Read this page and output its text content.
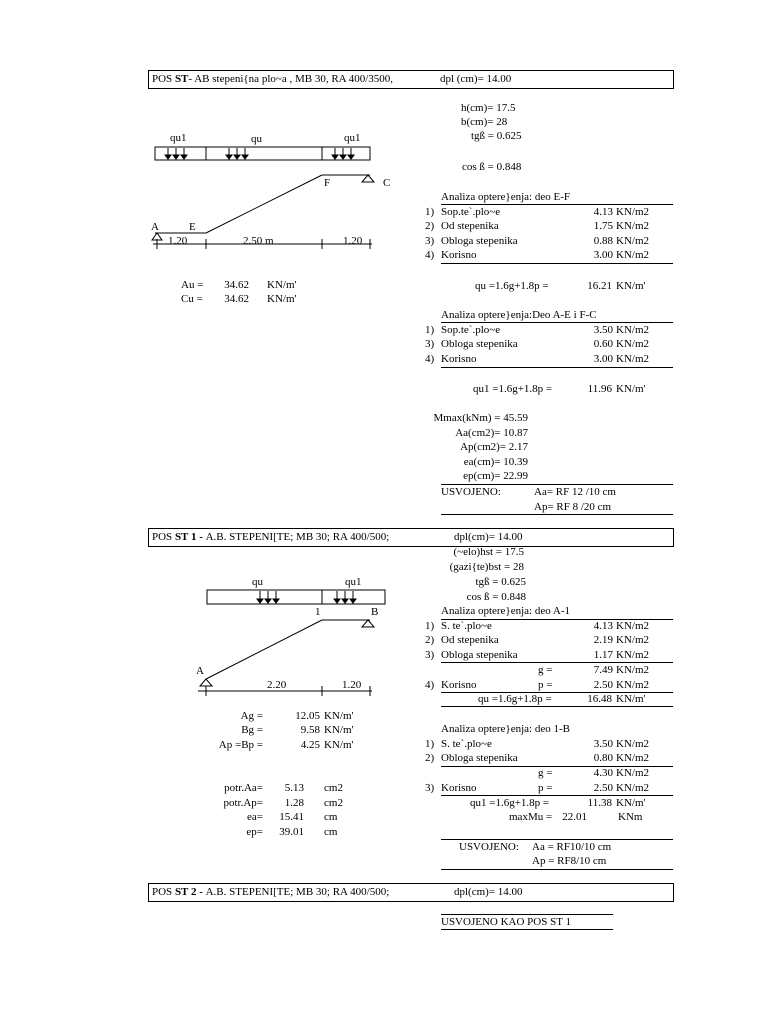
POS ST- AB stepeni{na plo~a , MB 30, RA 400/3500,	dpl (cm)= 14.00
h(cm)= 17.5
b(cm)= 28
tgß = 0.625
cos ß = 0.848
qu1	qu	qu1
F	C
A	E
1.20	2.50 m	1.20
Au =	34.62 KN/m'
Cu =	34.62 KN/m'
Analiza optere}enja: deo E-F
1) Sop.te`.plo~e	4.13 KN/m2
2) Od stepenika	1.75 KN/m2
3) Obloga stepenika	0.88 KN/m2
4) Korisno	3.00 KN/m2
qu =1.6g+1.8p =	16.21 KN/m'
Analiza optere}enja:Deo A-E i F-C
1) Sop.te`.plo~e	3.50 KN/m2
3) Obloga stepenika	0.60 KN/m2
4) Korisno	3.00 KN/m2
qu1 =1.6g+1.8p =	11.96 KN/m'
Mmax(kNm) = 45.59
Aa(cm2)= 10.87
Ap(cm2)= 2.17
ea(cm)= 10.39
ep(cm)= 22.99
USVOJENO:	Aa= RF 12 /10 cm
Ap= RF 8 /20 cm
POS ST 1 - A.B. STEPENI[TE; MB 30; RA 400/500;	dpl(cm)= 14.00
(~elo)hst = 17.5
(gazi{te)bst = 28
tgß = 0.625
cos ß = 0.848
qu	qu1
1	B
A
2.20	1.20
Ag =	12.05 KN/m'
Bg =	9.58 KN/m'
Ap =Bp =	4.25 KN/m'
potr.Aa=	5.13 cm2
potr.Ap=	1.28 cm2
ea=	15.41 cm
ep=	39.01 cm
Analiza optere}enja: deo A-1
1) S. te`.plo~e	4.13 KN/m2
2) Od stepenika	2.19 KN/m2
3) Obloga stepenika	1.17 KN/m2
g =	7.49 KN/m2
4) Korisno	p =	2.50 KN/m2
qu =1.6g+1.8p =	16.48 KN/m'
Analiza optere}enja: deo 1-B
1) S. te`.plo~e	3.50 KN/m2
2) Obloga stepenika	0.80 KN/m2
g =	4.30 KN/m2
3) Korisno	p =	2.50 KN/m2
qu1 =1.6g+1.8p =	11.38 KN/m'
maxMu = 22.01	KNm
USVOJENO: Aa = RF10/10 cm
Ap = RF8/10 cm
POS ST 2 - A.B. STEPENI[TE; MB 30; RA 400/500;	dpl(cm)= 14.00
USVOJENO KAO POS ST 1
